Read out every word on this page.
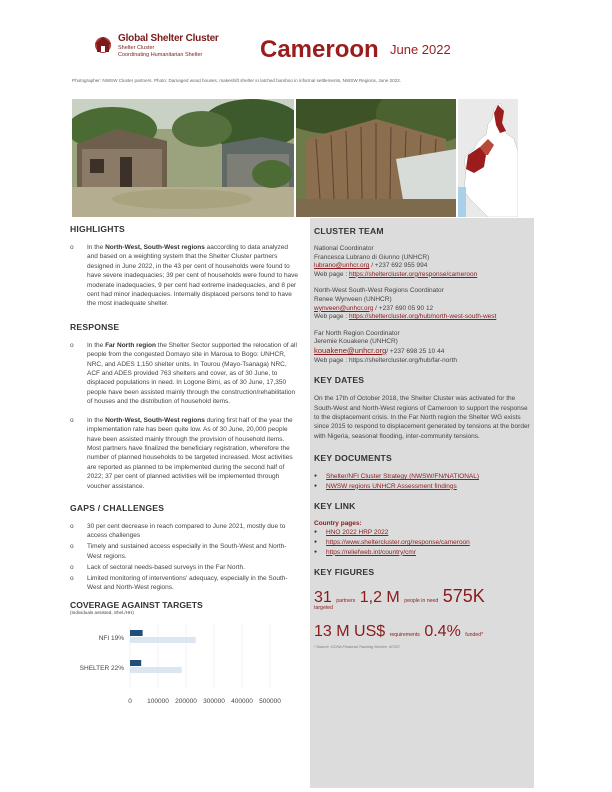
Global Shelter Cluster
Shelter Cluster
Coordinating Humanitarian Shelter Cameroon June 2022
Photographer: NWSW Cluster partners. Photo: Damaged wood houses, makeshift shelter in latched bamboo in informal settlements, NWSW Regions, June 2022.
HIGHLIGHTS
o In the North-West, South-West regions aaccording to data analyzed and based on a weighting system that the Shelter Cluster partners designed in June 2022, in the 43 per cent of households were found to have severe inadequacies; 39 per cent of households were found to have moderate inadequacies, 9 per cent had extreme inadequacies, and 8 per cent had minor inadequacies. Internally displaced persons tend to have the most inadequate shelter.
RESPONSE
o In the Far North region the Shelter Sector supported the relocation of all people from the congested Domayo site in Maroua to Bogo: UNHCR, NRC, and ADES 1,150 shelter units. In Tourou (Mayo-Tsanaga) NRC, ACF and ADES provided 763 shelters and cover, as of 30 June, to displaced populations in need. In Logone Birni, as of 30 June, 17,350 people have been assisted mainly through the construction/rehabilitation of houses and the distribution of household items.
o In the North-West, South-West regions during first half of the year the implementation rate has been quite low. As of 30 June, 20,000 people have been assisted mainly through the provision of household items. Most partners have finalized the beneficiary registration, wherefore the number of planned households to be targeted increased. Most activities are reported as planned to be implemented during the second half of 2022; 37 per cent of planned activities will be implemented through voucher assistance.
GAPS / CHALLENGES
o 30 per cent decrease in reach compared to June 2021, mostly due to access challenges
o Timely and sustained access especially in the South-West and North-West regions.
o Lack of sectoral needs-based surveys in the Far North.
o Limited monitoring of interventions' adequacy, especially in the South-West and North-West regions.
COVERAGE AGAINST TARGETS
(Individuals assisted, Shel./HH)
NFI 19%
SHELTER 22%
0 100000 200000 300000 400000 500000
CLUSTER TEAM
National Coordinator
Francesca Lubrano di Giunno (UNHCR)
lubrano@unhcr.org / +237 692 955 994
Web page : https://sheltercluster.org/response/cameroon
North-West South-West Regions Coordinator
Renee Wynveen (UNHCR)
wynveen@unhcr.org / +237 690 05 90 12
Web page : https://sheltercluster.org/hub/north-west-south-west
Far North Region Coordinator
Jeremie Kouakene (UNHCR)
kouakene@unhcr.org/ +237 698 25 10 44
Web page : https://sheltercluster.org/hub/far-north
KEY DATES
On the 17th of October 2018, the Shelter Cluster was activated for the South-West and North-West regions of Cameroon to support the response to the displacement crisis. In the Far North region the Shelter WG exists since 2015 to respond to displacement generated by tensions at the border with Nigeria, seasonal flooding, inter-community tensions.
KEY DOCUMENTS
● Shelter/NFI Cluster Strategy (NWSW/FN/NATIONAL)
● NWSW regions UNHCR Assessment findings
KEY LINK
Country pages:
● HNO 2022 HRP 2022
● https://www.sheltercluster.org/response/cameroon
● https://reliefweb.int/country/cmr
KEY FIGURES
31 partners 1,2 M people in need 575K
targeted
13 M US$ requirements 0.4% funded*
* Source: OCHA Financial Tracking Service, 4/7/22
